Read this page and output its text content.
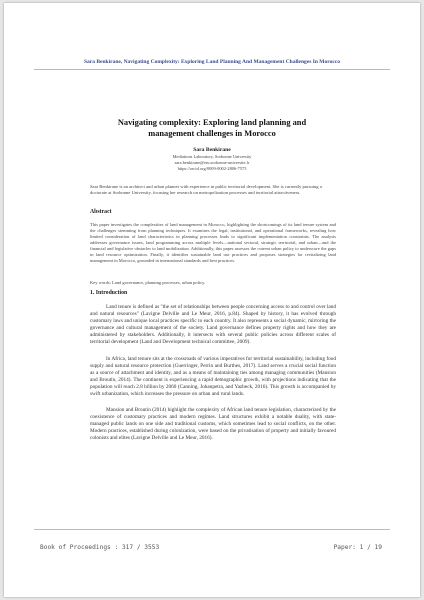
Sara Benkirane, Navigating Complexity: Exploring Land Planning And Management Challenges In Morocco
Navigating complexity: Exploring land planning and management challenges in Morocco
Sara Benkirane
Mediations Laboratory, Sorbonne University
sara.benkirane@etu.sorbonne-universite.fr
https://orcid.org/0009-0002-2806-7575
Sara Benkirane is an architect and urban planner with experience in public territorial development. She is currently pursuing a doctorate at Sorbonne University, focusing her research on metropolization processes and territorial attractiveness.
Abstract
This paper investigates the complexities of land management in Morocco, highlighting the shortcomings of its land tenure system and the challenges stemming from planning techniques. It examines the legal, institutional, and operational frameworks, revealing how limited consideration of land characteristics in planning processes leads to significant implementation constraints. The analysis addresses governance issues, land programming across multiple levels—national sectoral, strategic territorial, and urban—and the financial and legislative obstacles to land mobilization. Additionally, this paper assesses the current urban policy to underscore the gaps in land resource optimization. Finally, it identifies sustainable land use practices and proposes strategies for revitalizing land management in Morocco, grounded in international standards and best practices.
Key words: Land governance, planning processes, urban policy.
1. Introduction

Land tenure is defined as "the set of relationships between people concerning access to and control over land and natural resources" (Lavigne Delville and Le Meur, 2016, p.84). Shaped by history, it has evolved through customary laws and unique local practices specific to each country. It also represents a social dynamic, mirroring the governance and cultural management of the society. Land governance defines property rights and how they are administered by stakeholders. Additionally, it intersects with several public policies across different scales of territorial development (Land and Development technical committee, 2009).

In Africa, land tenure sits at the crossroads of various imperatives for territorial sustainability, including food supply and natural resource protection (Guerringer, Perrin and Burthes, 2017). Land serves a crucial social function as a source of attachment and identity, and as a means of maintaining ties among managing communities (Mansion and Broutin, 2014). The continent is experiencing a rapid demographic growth, with projections indicating that the population will reach 2.8 billion by 2060 (Canning, Johanpetra, and Yazbeck, 2016). This growth is accompanied by swift urbanization, which increases the pressure on urban and rural lands.

Mansion and Broutin (2014) highlight the complexity of African land tenure legislation, characterized by the coexistence of customary practices and modern regimes. Land structures exhibit a notable duality, with state-managed public lands on one side and traditional customs, which sometimes lead to social conflicts, on the other. Modern practices, established during colonization, were based on the privatisation of property and initially favoured colonists and elites (Lavigne Delville and Le Meur, 2016).

Book of Proceedings : 317 / 3553	Paper: 1 / 19
